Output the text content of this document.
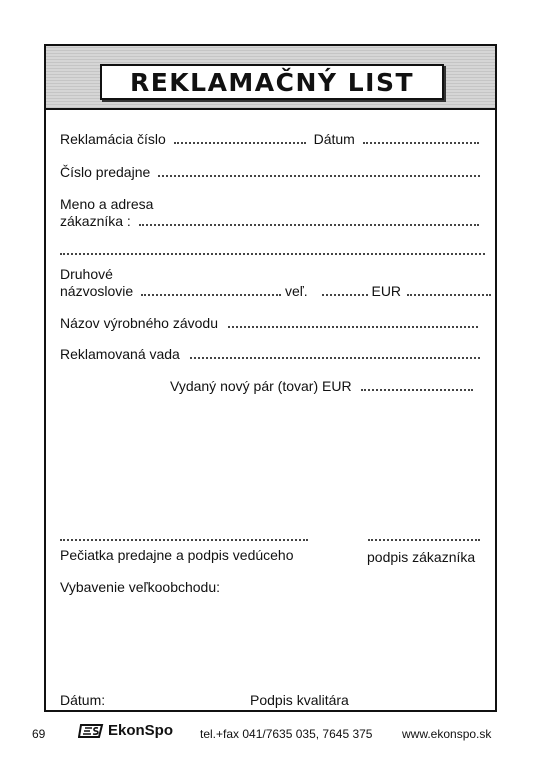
REKLAMAČNÝ LIST
Reklamácia číslo	Dátum
Číslo predajne
Meno a adresa
zákazníka :
Druhové
názvoslovie	veľ.	EUR
Názov výrobného závodu
Reklamovaná vada
Vydaný nový pár (tovar) EUR
Pečiatka predajne a podpis vedúceho	podpis zákazníka
Vybavenie veľkoobchodu:
Dátum:	Podpis kvalitára
69	EkonSpo tel.+fax 041/7635 035, 7645 375 www.ekonspo.sk
